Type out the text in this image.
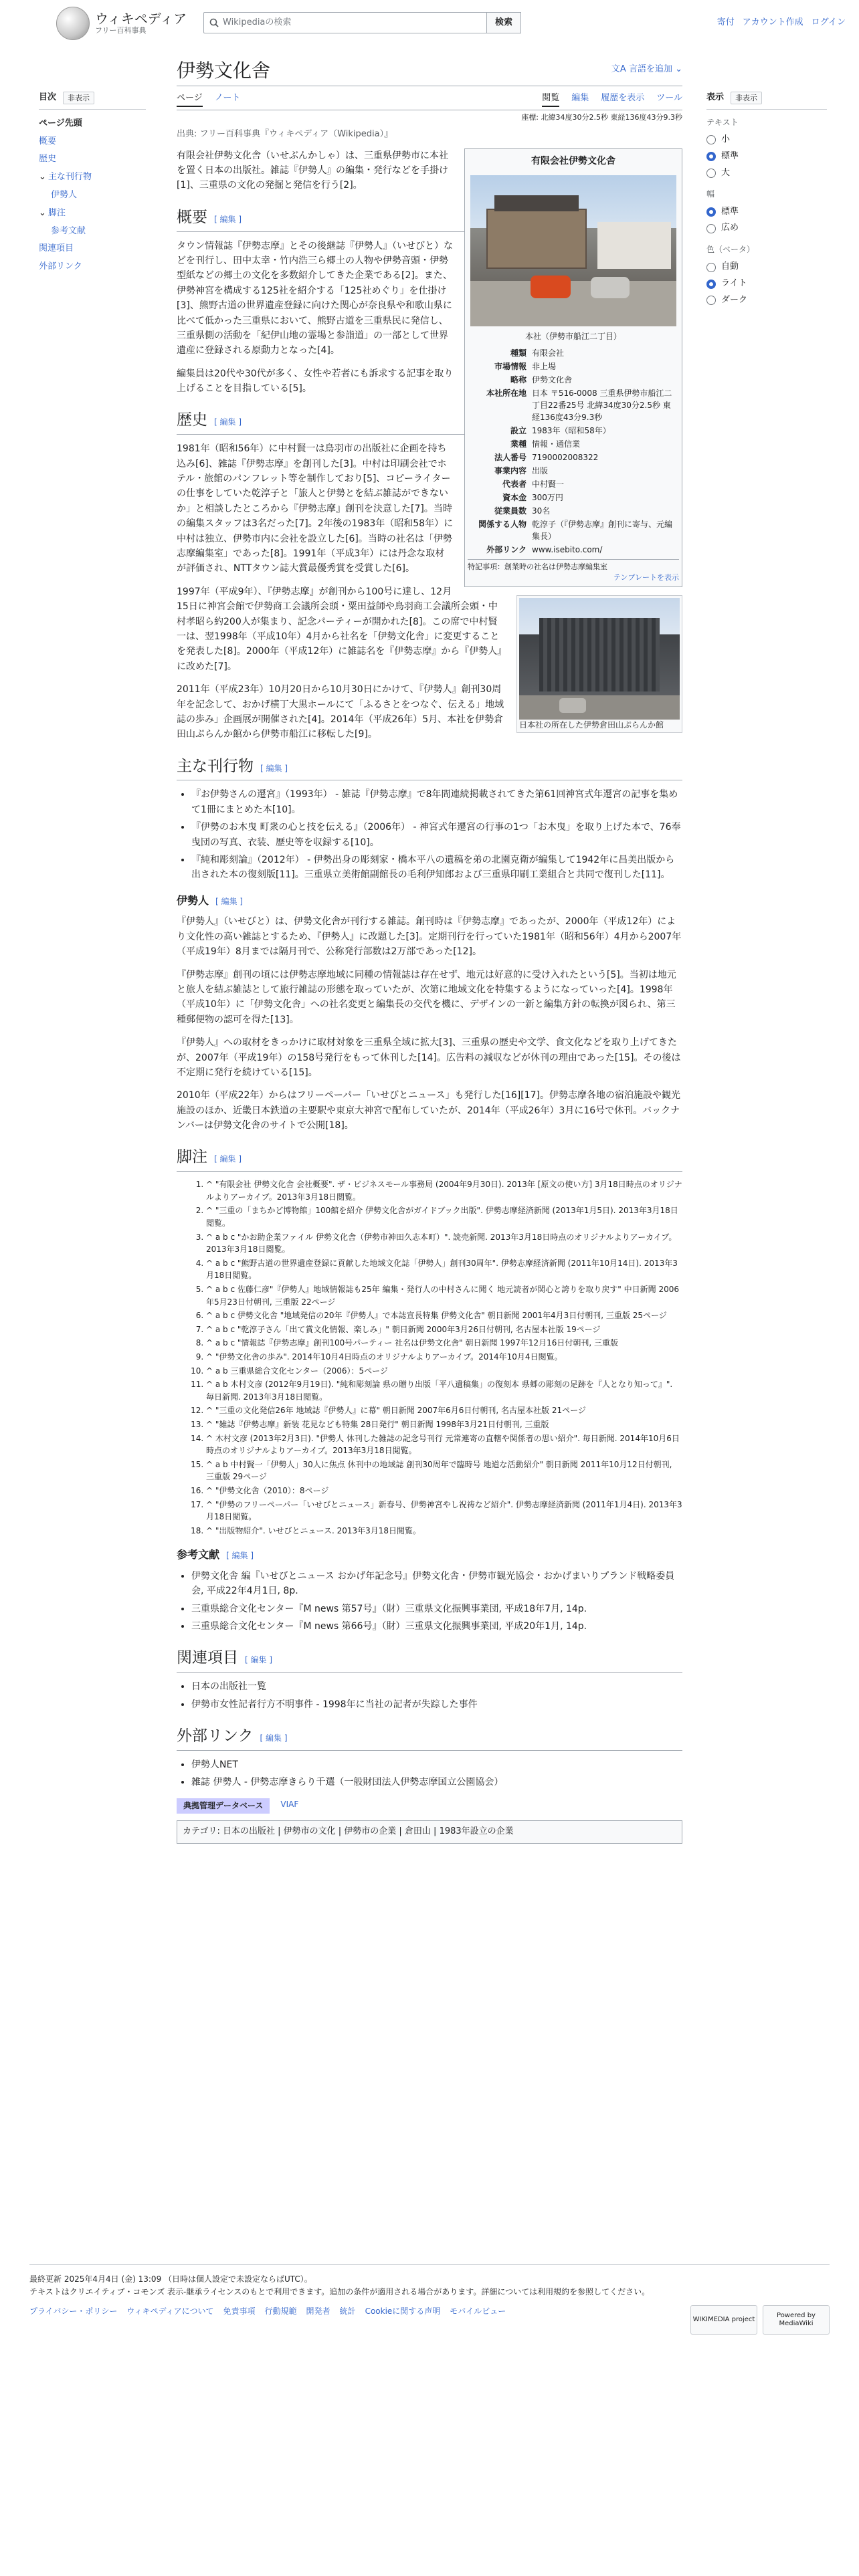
ウィキペディア
フリー百科事典
Wikipediaの検索	検索	寄付 アカウント作成 ログイン
目次	非表示
ページ先頭
概要
歴史
⌄ 主な刊行物
伊勢人
⌄ 脚注
参考文献
関連項目
外部リンク
伊勢文化舎	文A 言語を追加 ⌄
ページ ノート	閲覧 編集 履歴を表示 ツール
座標: 北緯34度30分2.5秒 東経136度43分9.3秒
出典: フリー百科事典『ウィキペディア（Wikipedia）』
有限会社伊勢文化舎
本社（伊勢市船江二丁目）
種類 有限会社
市場情報 非上場
略称 伊勢文化舎
本社所在地 日本 〒516-0008 三重県伊勢市船江二丁目22番25号 北緯34度30分2.5秒 東経136度43分9.3秒
設立 1983年（昭和58年）
業種 情報・通信業
法人番号 7190002008322
事業内容 出版
代表者 中村賢一
資本金 300万円
従業員数 30名
関係する人物 乾淳子（『伊勢志摩』創刊に寄与、元編集長）
外部リンク www.isebito.com/
特記事項：創業時の社名は伊勢志摩編集室
テンプレートを表示

有限会社伊勢文化舎（いせぶんかしゃ）は、三重県伊勢市に本社を置く日本の出版社。雑誌『伊勢人』の編集・発行などを手掛け[1]、三重県の文化の発掘と発信を行う[2]。

概要 [ 編集 ]

タウン情報誌『伊勢志摩』とその後継誌『伊勢人』（いせびと）などを刊行し、田中太幸・竹内浩三ら郷土の人物や伊勢音頭・伊勢型紙などの郷土の文化を多数紹介してきた企業である[2]。また、伊勢神宮を構成する125社を紹介する「125社めぐり」を仕掛け[3]、熊野古道の世界遺産登録に向けた関心が奈良県や和歌山県に比べて低かった三重県において、熊野古道を三重県民に発信し、三重県側の活動を「紀伊山地の霊場と参詣道」の一部として世界遺産に登録される原動力となった[4]。

編集員は20代や30代が多く、女性や若者にも訴求する記事を取り上げることを目指している[5]。

歴史 [ 編集 ]
日本社の所在した伊勢倉田山ぷらんか館

1981年（昭和56年）に中村賢一は鳥羽市の出版社に企画を持ち込み[6]、雑誌『伊勢志摩』を創刊した[3]。中村は印刷会社でホテル・旅館のパンフレット等を制作しており[5]、コピーライターの仕事をしていた乾淳子と「旅人と伊勢とを結ぶ雑誌ができないか」と相談したところから『伊勢志摩』創刊を決意した[7]。当時の編集スタッフは3名だった[7]。2年後の1983年（昭和58年）に中村は独立、伊勢市内に会社を設立した[6]。当時の社名は「伊勢志摩編集室」であった[8]。1991年（平成3年）には丹念な取材が評価され、NTTタウン誌大賞最優秀賞を受賞した[6]。

1997年（平成9年）、『伊勢志摩』が創刊から100号に達し、12月15日に神宮会館で伊勢商工会議所会頭・粟田益師や鳥羽商工会議所会頭・中村孝昭ら約200人が集まり、記念パーティーが開かれた[8]。この席で中村賢一は、翌1998年（平成10年）4月から社名を「伊勢文化舎」に変更することを発表した[8]。2000年（平成12年）に雑誌名を『伊勢志摩』から『伊勢人』に改めた[7]。

2011年（平成23年）10月20日から10月30日にかけて、『伊勢人』創刊30周年を記念して、おかげ横丁大黒ホールにて「ふるさとをつなぐ、伝える」地域誌の歩み」企画展が開催された[4]。2014年（平成26年）5月、本社を伊勢倉田山ぷらんか館から伊勢市船江に移転した[9]。

主な刊行物 [ 編集 ]
• 『お伊勢さんの遷宮』（1993年） - 雑誌『伊勢志摩』で8年間連続掲載されてきた第61回神宮式年遷宮の記事を集めて1冊にまとめた本[10]。
• 『伊勢のお木曳 町衆の心と技を伝える』（2006年） - 神宮式年遷宮の行事の1つ「お木曳」を取り上げた本で、76奉曳団の写真、衣装、歴史等を収録する[10]。
• 『純和彫刻論』（2012年） - 伊勢出身の彫刻家・橋本平八の遺稿を弟の北園克衛が編集して1942年に昌美出版から出された本の復刻版[11]。三重県立美術館副館長の毛利伊知郎および三重県印刷工業組合と共同で復刊した[11]。
伊勢人 [ 編集 ]

『伊勢人』（いせびと）は、伊勢文化舎が刊行する雑誌。創刊時は『伊勢志摩』であったが、2000年（平成12年）により文化性の高い雑誌とするため、『伊勢人』に改題した[3]。定期刊行を行っていた1981年（昭和56年）4月から2007年（平成19年）8月までは隔月刊で、公称発行部数は2万部であった[12]。

『伊勢志摩』創刊の頃には伊勢志摩地域に同種の情報誌は存在せず、地元は好意的に受け入れたという[5]。当初は地元と旅人を結ぶ雑誌として旅行雑誌の形態を取っていたが、次第に地域文化を特集するようになっていった[4]。1998年（平成10年）に「伊勢文化舎」への社名変更と編集長の交代を機に、デザインの一新と編集方針の転換が図られ、第三種郵便物の認可を得た[13]。

『伊勢人』への取材をきっかけに取材対象を三重県全域に拡大[3]、三重県の歴史や文学、食文化などを取り上げてきたが、2007年（平成19年）の158号発行をもって休刊した[14]。広告料の減収などが休刊の理由であった[15]。その後は不定期に発行を続けている[15]。

2010年（平成22年）からはフリーペーパー「いせびとニュース」も発行した[16][17]。伊勢志摩各地の宿泊施設や観光施設のほか、近畿日本鉄道の主要駅や東京大神宮で配布していたが、2014年（平成26年）3月に16号で休刊。バックナンバーは伊勢文化舎のサイトで公開[18]。

脚注 [ 編集 ]
1. ^ "有限会社 伊勢文化舎 会社概要". ザ・ビジネスモール事務局 (2004年9月30日). 2013年 [原文の使い方] 3月18日時点のオリジナルよりアーカイブ。2013年3月18日閲覧。
2. ^ "三重の「まちかど博物館」100館を紹介 伊勢文化舎がガイドブック出版". 伊勢志摩経済新聞 (2013年1月5日). 2013年3月18日閲覧。
3. ^ a b c "かお助企業ファイル 伊勢文化舎（伊勢市神田久志本町）". 読売新聞. 2013年3月18日時点のオリジナルよりアーカイブ。2013年3月18日閲覧。
4. ^ a b c "熊野古道の世界遺産登録に貢献した地域文化誌「伊勢人」創刊30周年". 伊勢志摩経済新聞 (2011年10月14日). 2013年3月18日閲覧。
5. ^ a b c 佐藤仁彦"『伊勢人』地域情報誌も25年 編集・発行人の中村さんに聞く 地元読者が関心と誇りを取り戻す" 中日新聞 2006年5月23日付朝刊, 三重版 22ページ
6. ^ a b c 伊勢文化舎 "地域発信の20年『伊勢人』で本誌宣長特集 伊勢文化舎" 朝日新聞 2001年4月3日付朝刊, 三重版 25ページ
7. ^ a b c "乾淳子さん「出て賞文化情報、楽しみ」" 朝日新聞 2000年3月26日付朝刊, 名古屋本社版 19ページ
8. ^ a b c "情報誌『伊勢志摩』創刊100号パーティー 社名は伊勢文化舎" 朝日新聞 1997年12月16日付朝刊, 三重版
9. ^ "伊勢文化舎の歩み". 2014年10月4日時点のオリジナルよりアーカイブ。2014年10月4日閲覧。
10. ^ a b 三重県総合文化センター（2006）：5ページ
11. ^ a b 木村文彦 (2012年9月19日). "純和彫刻論 県の贈り出版「平八遺稿集」の復刻本 県郷の彫刻の足跡を『人となり知って』". 毎日新聞. 2013年3月18日閲覧。
12. ^ "三重の文化発信26年 地域誌『伊勢人』に幕" 朝日新聞 2007年6月6日付朝刊, 名古屋本社版 21ページ
13. ^ "雑誌『伊勢志摩』新装 花見なども特集 28日発行" 朝日新聞 1998年3月21日付朝刊, 三重版
14. ^ 木村文彦 (2013年2月3日). "伊勢人 休刊した雑誌の記念号刊行 元常連寄の直轄や関係者の思い紹介". 毎日新聞. 2014年10月6日時点のオリジナルよりアーカイブ。2013年3月18日閲覧。
15. ^ a b 中村賢一「伊勢人」30人に焦点 休刊中の地域誌 創刊30周年で臨時号 地道な活動紹介" 朝日新聞 2011年10月12日付朝刊, 三重版 29ページ
16. ^ "伊勢文化舎（2010）：8ページ
17. ^ "伊勢のフリーペーパー「いせびとニュース」新春号、伊勢神宮やし祝祷など紹介". 伊勢志摩経済新聞 (2011年1月4日). 2013年3月18日閲覧。
18. ^ "出版物紹介". いせびとニュース. 2013年3月18日閲覧。
参考文献 [ 編集 ]
• 伊勢文化舎 編『いせびとニュース おかげ年記念号』伊勢文化舎・伊勢市観光協会・おかげまいりプランド戦略委員会, 平成22年4月1日, 8p.
• 三重県総合文化センター『M news 第57号』（財）三重県文化振興事業団, 平成18年7月, 14p.
• 三重県総合文化センター『M news 第66号』（財）三重県文化振興事業団, 平成20年1月, 14p.
関連項目 [ 編集 ]
• 日本の出版社一覧
• 伊勢市女性記者行方不明事件 - 1998年に当社の記者が失踪した事件
外部リンク [ 編集 ]
• 伊勢人NET
• 雑誌 伊勢人 - 伊勢志摩きらり千選（一般財団法人伊勢志摩国立公園協会）
典拠管理データベース	VIAF
カテゴリ: 日本の出版社 | 伊勢市の文化 | 伊勢市の企業 | 倉田山 | 1983年設立の企業
表示	非表示
テキスト
小
標準
大
幅
標準
広め
色（ベータ）
自動
ライト
ダーク
最終更新 2025年4月4日 (金) 13:09 （日時は個人設定で未設定ならばUTC）。
テキストはクリエイティブ・コモンズ 表示-継承ライセンスのもとで利用できます。追加の条件が適用される場合があります。詳細については利用規約を参照してください。
プライバシー・ポリシー ウィキペディアについて 免責事項 行動規範 開発者 統計 Cookieに関する声明 モバイルビュー
WIKIMEDIA project
Powered by MediaWiki
